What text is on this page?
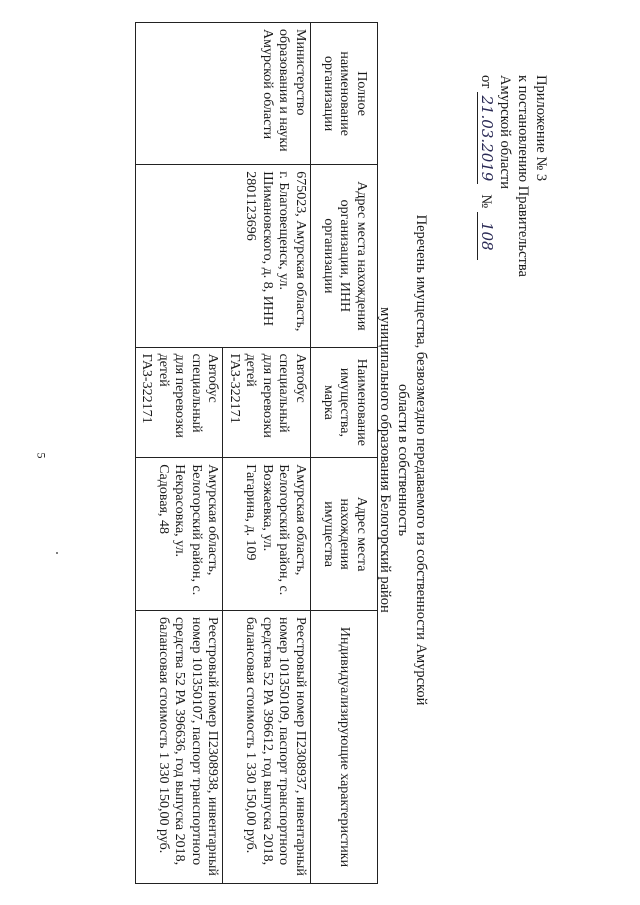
5
Приложение № 3
к постановлению Правительства
Амурской области
от
21.03.2019
№
108
Перечень имущества, безвозмездно передаваемого из собственности Амурской области в собственность
муниципального образования Белогорский район
Полное наименование организации	Адрес места нахождения организации, ИНН организации	Наименование имущества, марка	Адрес места нахождения имущества	Индивидуализирующие характеристики
Министерство образования и науки Амурской области	675023, Амурская область, г. Благовещенск, ул. Шимановского, д. 8, ИНН 2801123696	Автобус специальный для перевозки детей ГАЗ-322171	Амурская область, Белогорский район, с. Возжаевка, ул. Гагарина, д. 109	Реестровый номер П2308937, инвентарный номер 101350109, паспорт транспортного средства 52 РА 396612, год выпуска 2018, балансовая стоимость 1 330 150,00 руб.
		Автобус специальный для перевозки детей ГАЗ-322171	Амурская область, Белогорский район, с. Некрасовка, ул. Садовая, 48	Реестровый номер П2308938, инвентарный номер 101350107, паспорт транспортного средства 52 РА 396636, год выпуска 2018, балансовая стоимость 1 330 150,00 руб.
